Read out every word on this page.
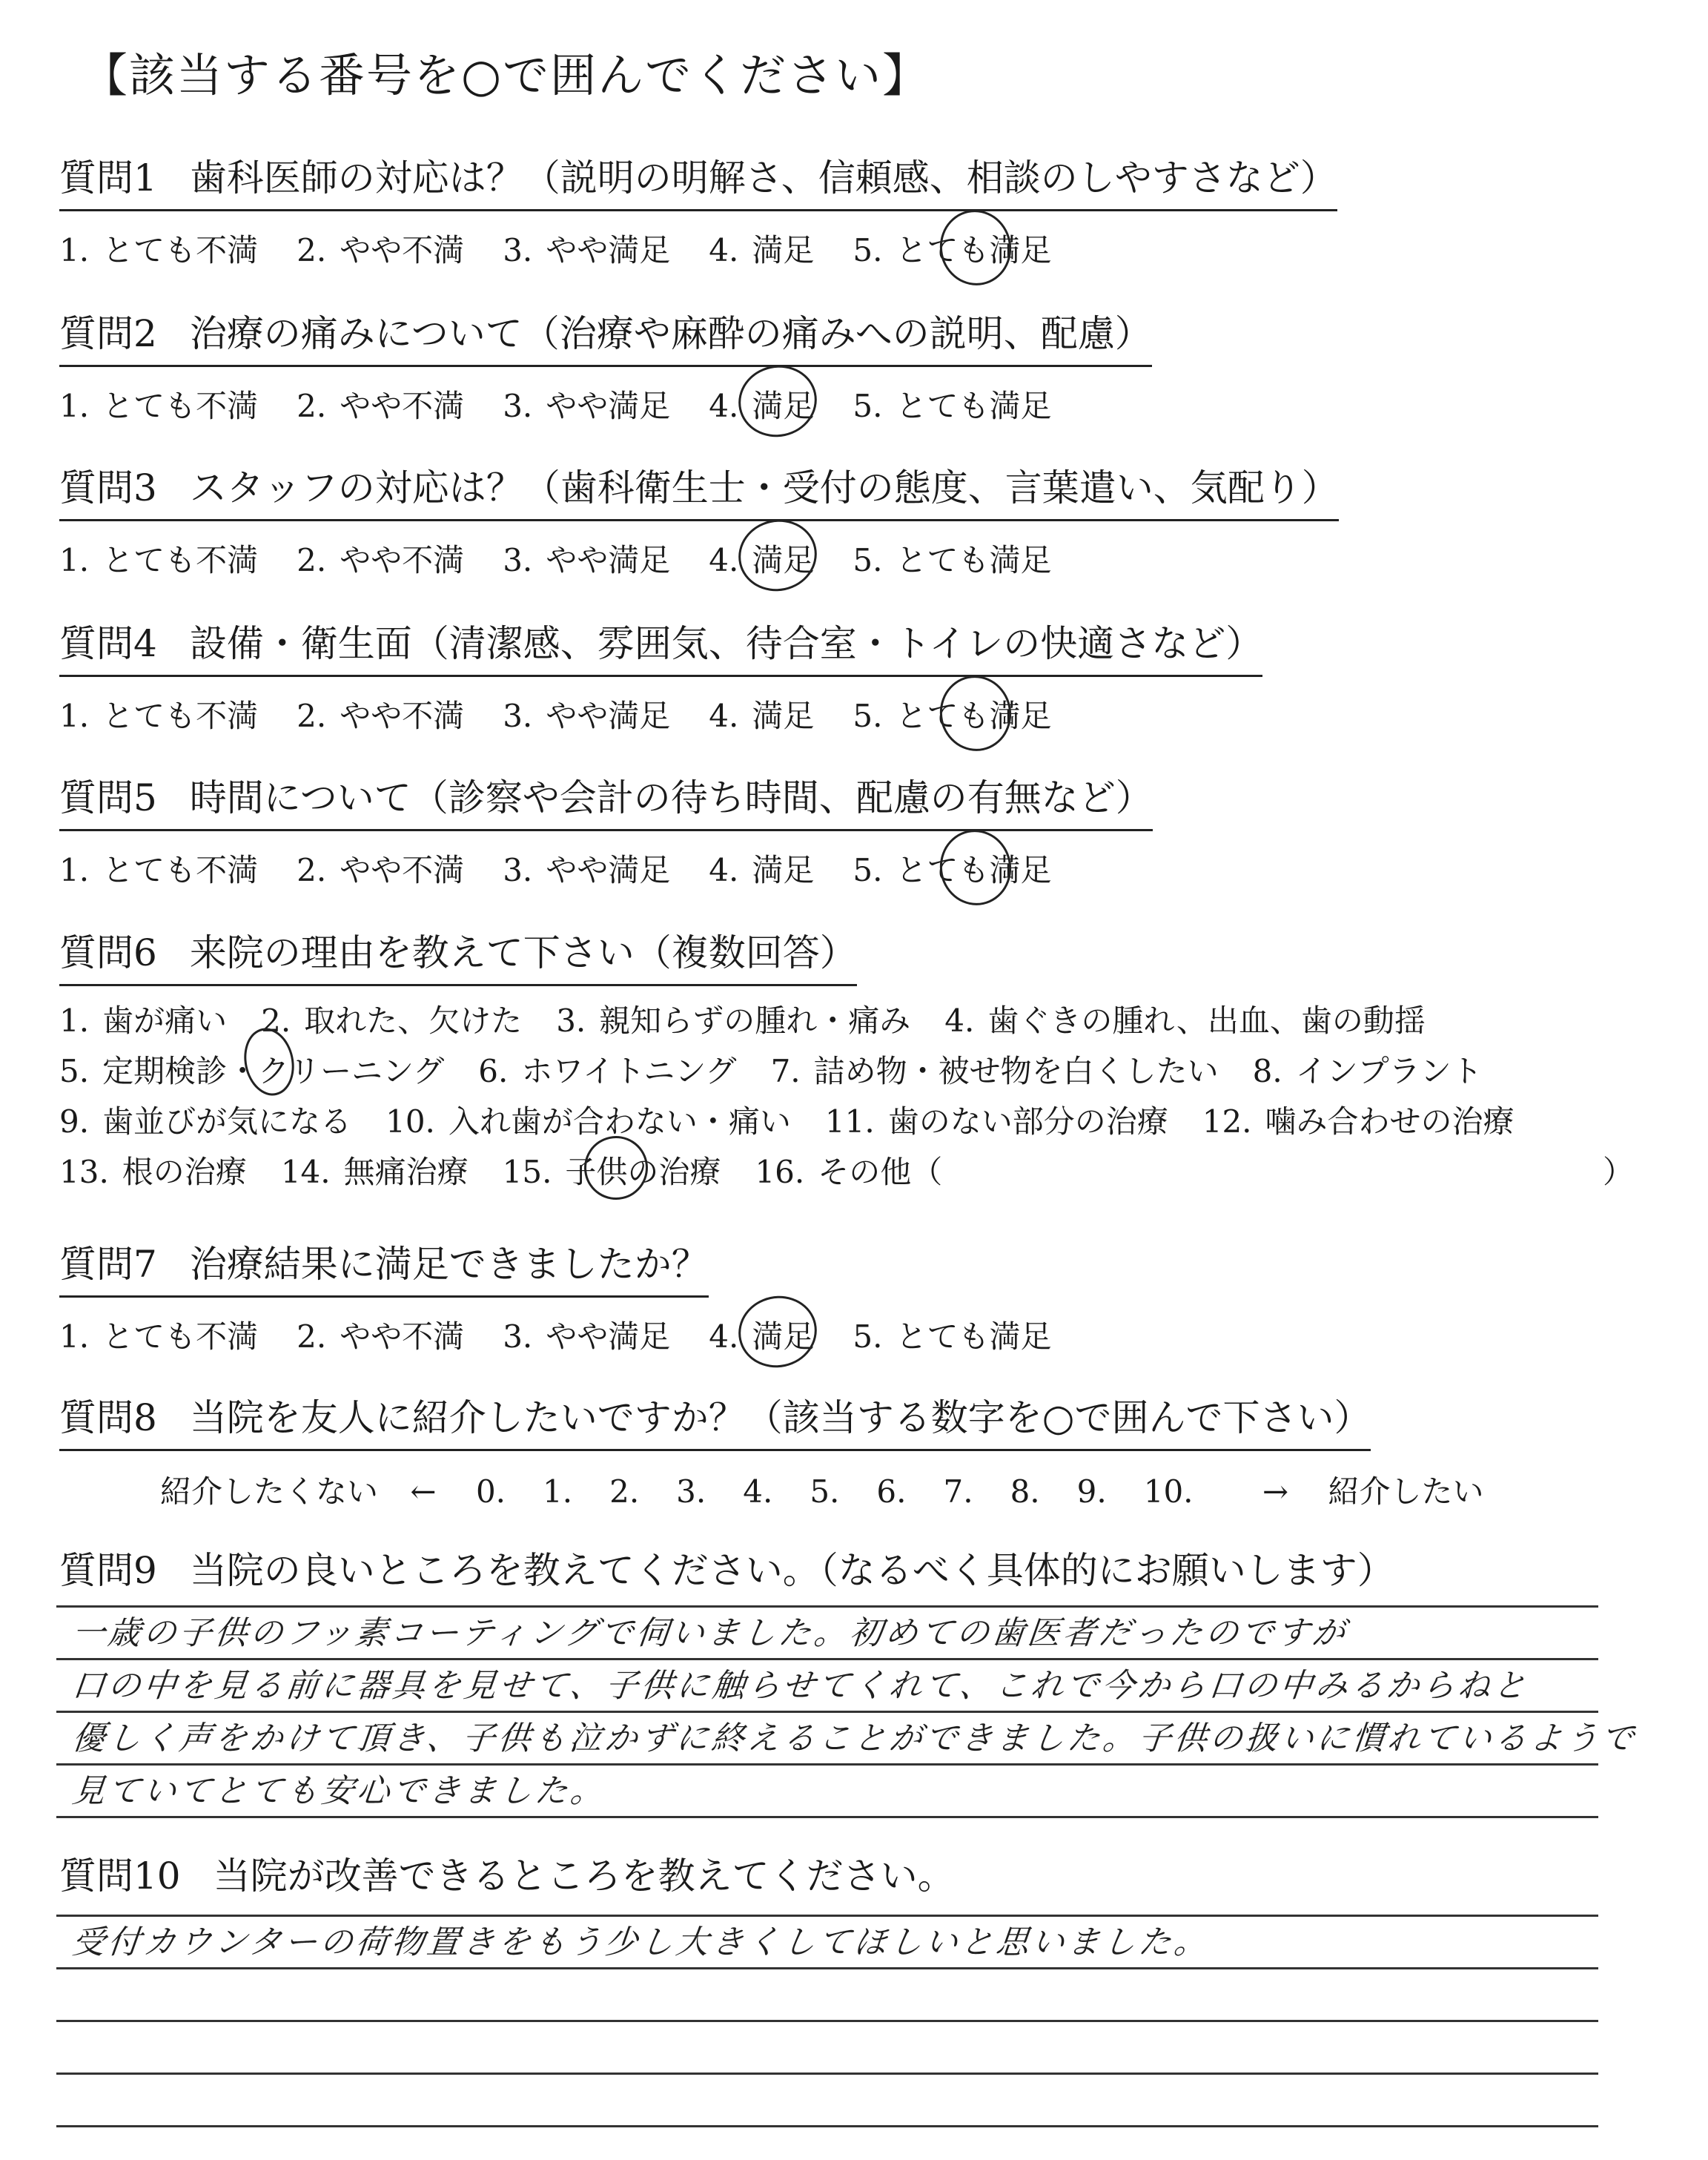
【該当する番号を○で囲んでください】
質問1 歯科医師の対応は？（説明の明解さ、信頼感、相談のしやすさなど）
1. とても不満 2. やや不満 3. やや満足 4. 満足 5. とても満足
質問2 治療の痛みについて（治療や麻酔の痛みへの説明、配慮）
1. とても不満 2. やや不満 3. やや満足 4. 満足 5. とても満足
質問3 スタッフの対応は？（歯科衛生士・受付の態度、言葉遣い、気配り）
1. とても不満 2. やや不満 3. やや満足 4. 満足 5. とても満足
質問4 設備・衛生面（清潔感、雰囲気、待合室・トイレの快適さなど）
1. とても不満 2. やや不満 3. やや満足 4. 満足 5. とても満足
質問5 時間について（診察や会計の待ち時間、配慮の有無など）
1. とても不満 2. やや不満 3. やや満足 4. 満足 5. とても満足
質問6 来院の理由を教えて下さい（複数回答）
1. 歯が痛い 2. 取れた、欠けた 3. 親知らずの腫れ・痛み 4. 歯ぐきの腫れ、出血、歯の動揺
5. 定期検診・クリーニング 6. ホワイトニング 7. 詰め物・被せ物を白くしたい 8. インプラント
9. 歯並びが気になる 10. 入れ歯が合わない・痛い 11. 歯のない部分の治療 12. 噛み合わせの治療
13. 根の治療 14. 無痛治療 15. 子供の治療 16. その他（	）
質問7 治療結果に満足できましたか？
1. とても不満 2. やや不満 3. やや満足 4. 満足 5. とても満足
質問8 当院を友人に紹介したいですか？（該当する数字を○で囲んで下さい）
紹介したくない ← 0. 1. 2. 3. 4. 5. 6. 7. 8. 9. 10. → 紹介したい
質問9 当院の良いところを教えてください。（なるべく具体的にお願いします）
一歳の子供のフッ素コーティングで伺いました。初めての歯医者だったのですが
口の中を見る前に器具を見せて、子供に触らせてくれて、これで今から口の中みるからねと
優しく声をかけて頂き、子供も泣かずに終えることができました。子供の扱いに慣れているようで
見ていてとても安心できました。
質問10 当院が改善できるところを教えてください。
受付カウンターの荷物置きをもう少し大きくしてほしいと思いました。
